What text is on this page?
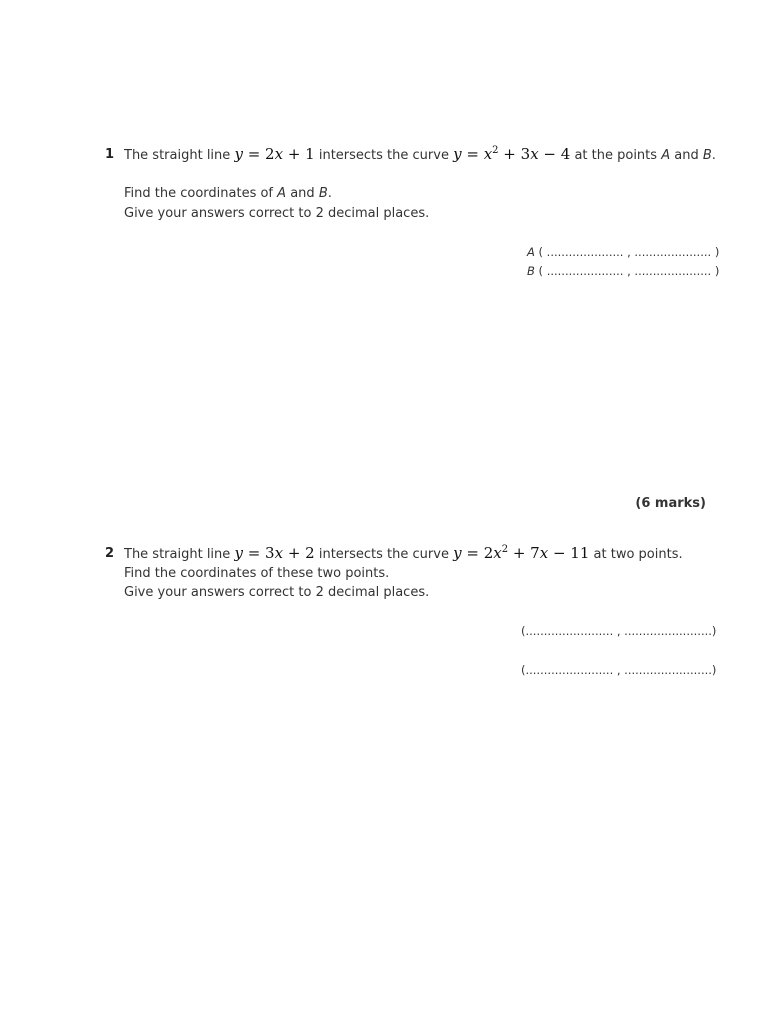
1 The straight line y = 2x + 1 intersects the curve $y = x^2 + 3x - 4$ at the points A and B.
Find the coordinates of A and B.
Give your answers correct to 2 decimal places.
A ( ..................... , ..................... )
B ( ..................... , ..................... )
(6 marks)
2 The straight line y = 3x + 2 intersects the curve $y = 2x^2 + 7x - 11$ at two points.
Find the coordinates of these two points.
Give your answers correct to 2 decimal places.
(........................ , ........................)
(........................ , ........................)
